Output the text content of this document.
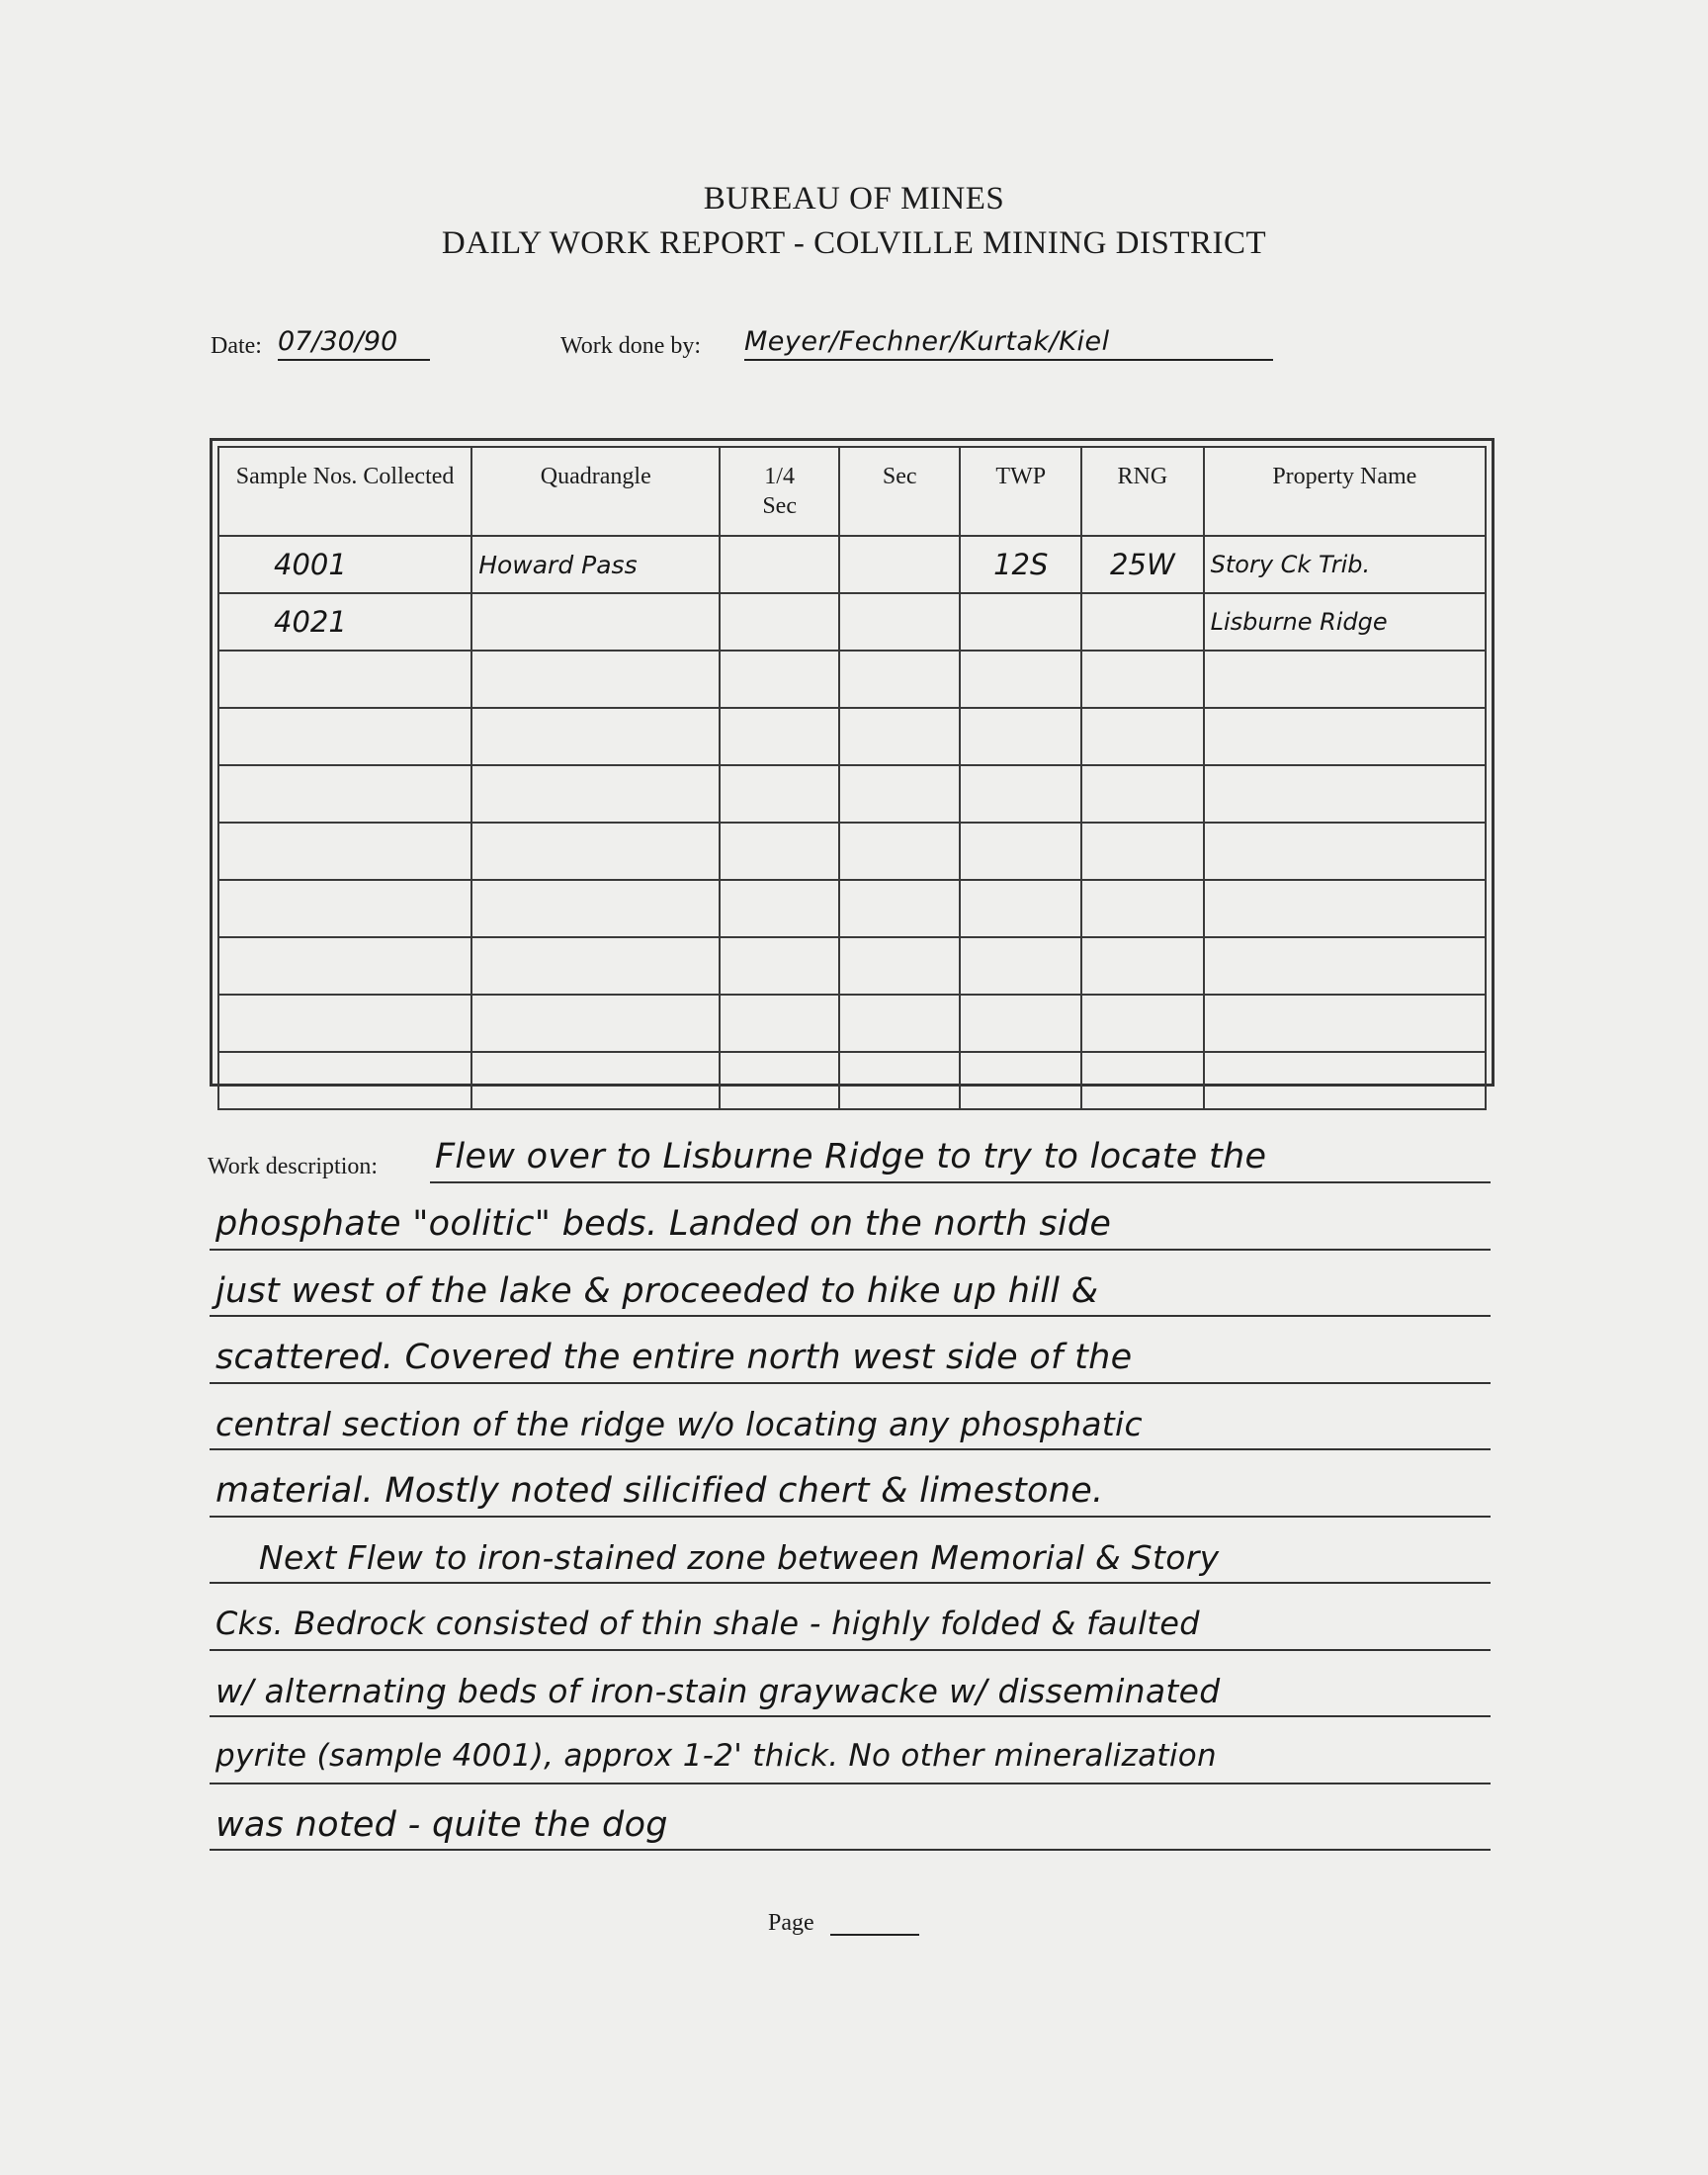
BUREAU OF MINES
DAILY WORK REPORT - COLVILLE MINING DISTRICT
Date: 07/30/90	Work done by: Meyer/Fechner/Kurtak/Kiel
Sample Nos. Collected	Quadrangle	1/4 Sec	Sec	TWP	RNG	Property Name
4001	Howard Pass			12S	25W	Story Ck Trib.
4021						Lisburne Ridge

Work description: Flew over to Lisburne Ridge to try to locate the
phosphate "oolitic" beds. Landed on the north side
just west of the lake & proceeded to hike up hill &
scattered. Covered the entire north west side of the
central section of the ridge w/o locating any phosphatic
material. Mostly noted silicified chert & limestone.
Next Flew to iron-stained zone between Memorial & Story
Cks. Bedrock consisted of thin shale - highly folded & faulted
w/ alternating beds of iron-stain graywacke w/ disseminated
pyrite (sample 4001), approx 1-2' thick. No other mineralization
was noted - quite the dog
Page
